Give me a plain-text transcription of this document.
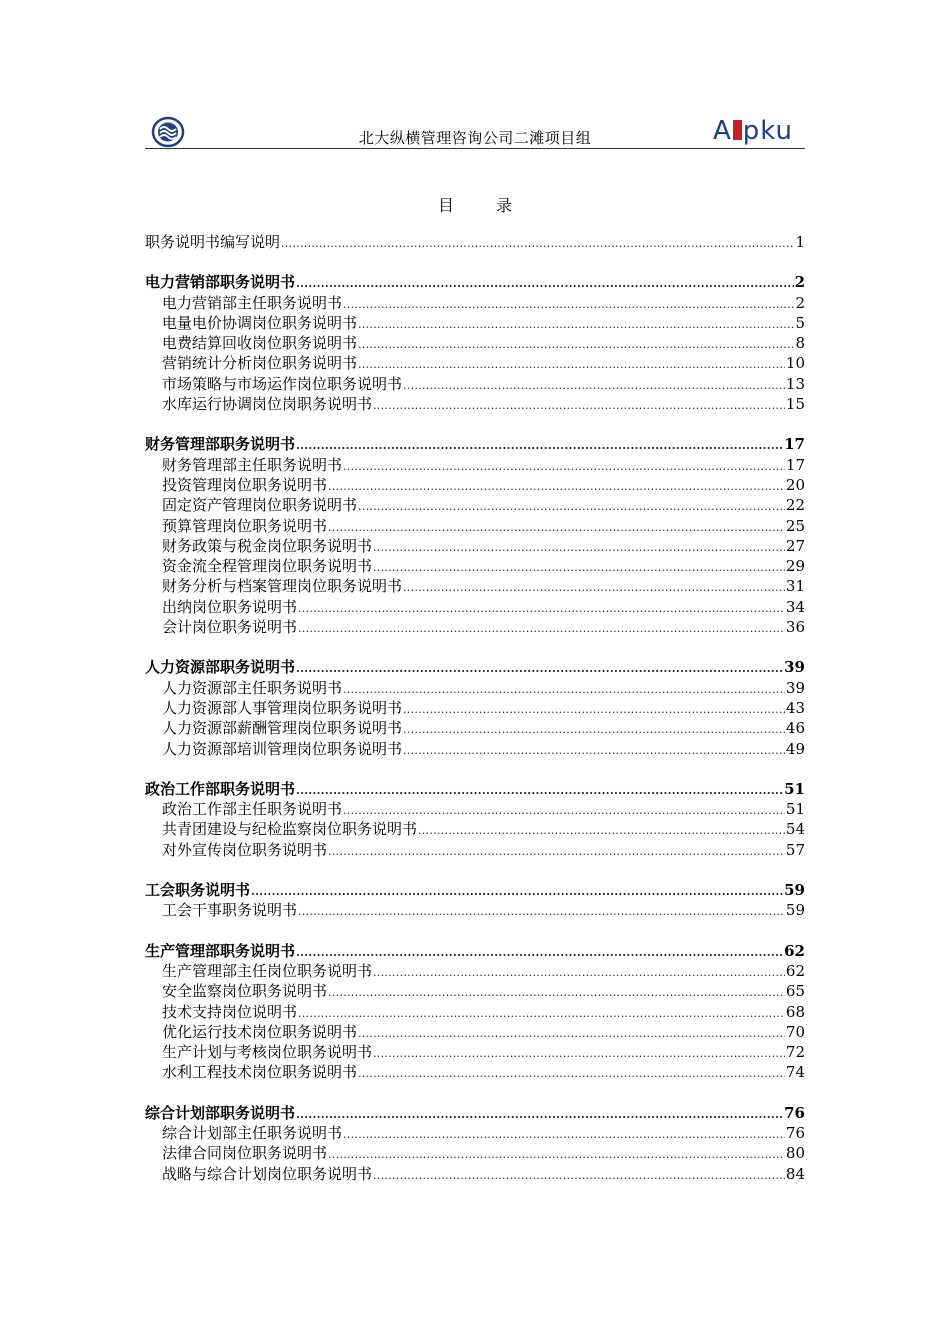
北大纵横管理咨询公司二滩项目组	A pku
目	录
职务说明书编写说明 .....	1
电力营销部职务说明书 .....	2
电力营销部主任职务说明书 .....	2
电量电价协调岗位职务说明书 .....	5
电费结算回收岗位职务说明书 .....	8
营销统计分析岗位职务说明书 .....	10
市场策略与市场运作岗位职务说明书 .....	13
水库运行协调岗位岗职务说明书 .....	15
财务管理部职务说明书 .....	17
财务管理部主任职务说明书 .....	17
投资管理岗位职务说明书 .....	20
固定资产管理岗位职务说明书 .....	22
预算管理岗位职务说明书 .....	25
财务政策与税金岗位职务说明书 .....	27
资金流全程管理岗位职务说明书 .....	29
财务分析与档案管理岗位职务说明书 .....	31
出纳岗位职务说明书 .....	34
会计岗位职务说明书 .....	36
人力资源部职务说明书 .....	39
人力资源部主任职务说明书 .....	39
人力资源部人事管理岗位职务说明书 .....	43
人力资源部薪酬管理岗位职务说明书 .....	46
人力资源部培训管理岗位职务说明书 .....	49
政治工作部职务说明书 .....	51
政治工作部主任职务说明书 .....	51
共青团建设与纪检监察岗位职务说明书 .....	54
对外宣传岗位职务说明书 .....	57
工会职务说明书 .....	59
工会干事职务说明书 .....	59
生产管理部职务说明书 .....	62
生产管理部主任岗位职务说明书 .....	62
安全监察岗位职务说明书 .....	65
技术支持岗位说明书 .....	68
优化运行技术岗位职务说明书 .....	70
生产计划与考核岗位职务说明书 .....	72
水利工程技术岗位职务说明书 .....	74
综合计划部职务说明书 .....	76
综合计划部主任职务说明书 .....	76
法律合同岗位职务说明书 .....	80
战略与综合计划岗位职务说明书 .....	84
